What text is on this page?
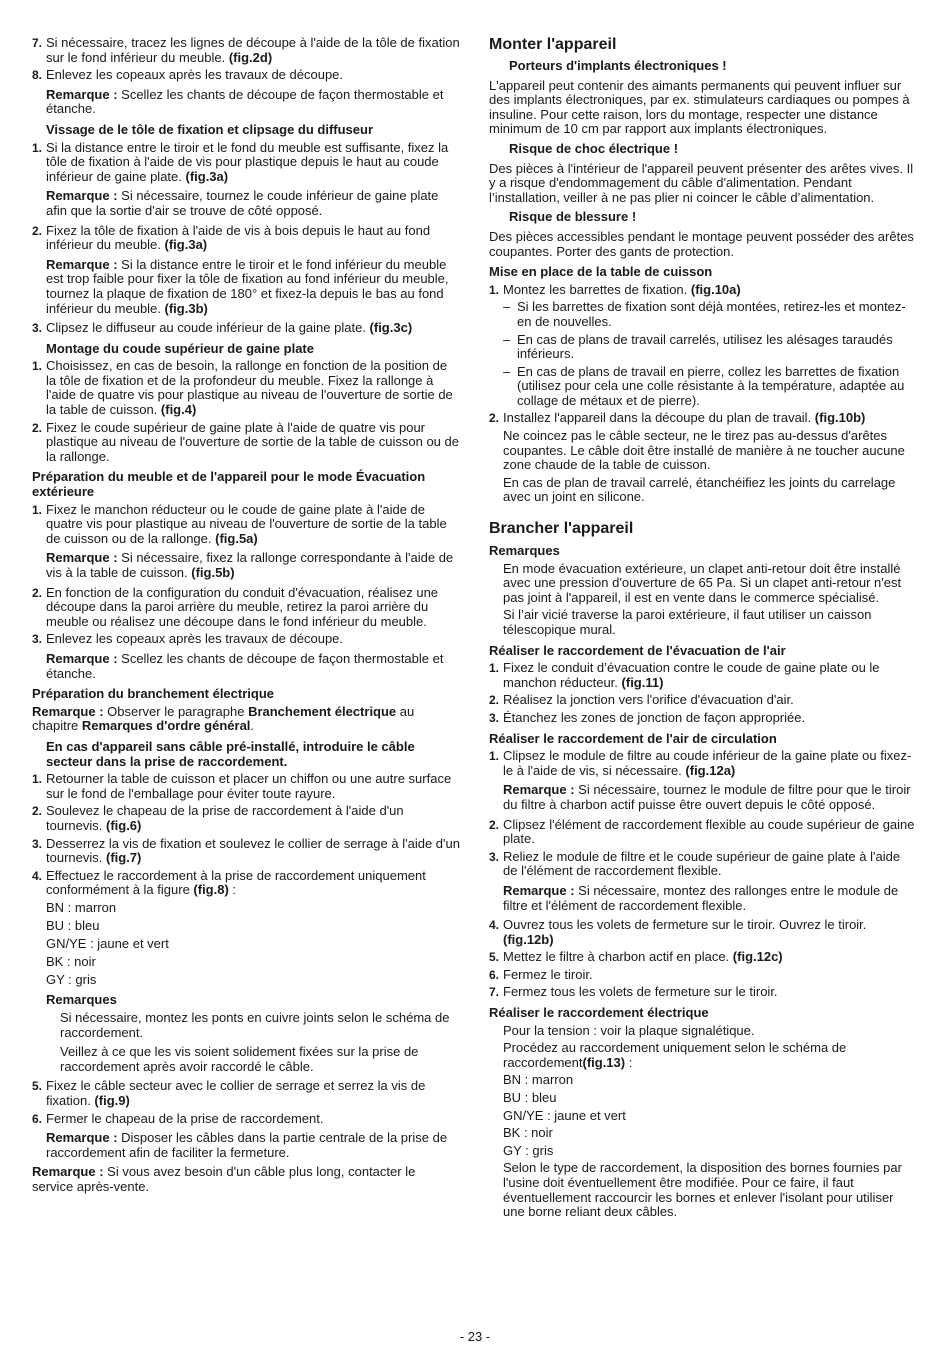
7. Si nécessaire, tracez les lignes de découpe à l'aide de la tôle de fixation sur le fond inférieur du meuble. (fig.2d)
8. Enlevez les copeaux après les travaux de découpe.
Remarque : Scellez les chants de découpe de façon thermostable et étanche.
Vissage de le tôle de fixation et clipsage du diffuseur
1. Si la distance entre le tiroir et le fond du meuble est suffisante, fixez la tôle de fixation à l'aide de vis pour plastique depuis le haut au coude inférieur de gaine plate. (fig.3a)
Remarque : Si nécessaire, tournez le coude inférieur de gaine plate afin que la sortie d'air se trouve de côté opposé.
2. Fixez la tôle de fixation à l'aide de vis à bois depuis le haut au fond inférieur du meuble. (fig.3a)
Remarque : Si la distance entre le tiroir et le fond inférieur du meuble est trop faible pour fixer la tôle de fixation au fond inférieur du meuble, tournez la plaque de fixation de 180° et fixez-la depuis le bas au fond inférieur du meuble. (fig.3b)
3. Clipsez le diffuseur au coude inférieur de la gaine plate. (fig.3c)
Montage du coude supérieur de gaine plate
1. Choisissez, en cas de besoin, la rallonge en fonction de la position de la tôle de fixation et de la profondeur du meuble. Fixez la rallonge à l'aide de quatre vis pour plastique au niveau de l'ouverture de sortie de la table de cuisson. (fig.4)
2. Fixez le coude supérieur de gaine plate à l'aide de quatre vis pour plastique au niveau de l'ouverture de sortie de la table de cuisson ou de la rallonge.
Préparation du meuble et de l'appareil pour le mode Évacuation extérieure
1. Fixez le manchon réducteur ou le coude de gaine plate à l'aide de quatre vis pour plastique au niveau de l'ouverture de sortie de la table de cuisson ou de la rallonge. (fig.5a)
Remarque : Si nécessaire, fixez la rallonge correspondante à l'aide de vis à la table de cuisson. (fig.5b)
2. En fonction de la configuration du conduit d'évacuation, réalisez une découpe dans la paroi arrière du meuble, retirez la paroi arrière du meuble ou réalisez une découpe dans le fond inférieur du meuble.
3. Enlevez les copeaux après les travaux de découpe.
Remarque : Scellez les chants de découpe de façon thermostable et étanche.
Préparation du branchement électrique
Remarque : Observer le paragraphe Branchement électrique au chapitre Remarques d'ordre général.
En cas d'appareil sans câble pré-installé, introduire le câble secteur dans la prise de raccordement.
1. Retourner la table de cuisson et placer un chiffon ou une autre surface sur le fond de l'emballage pour éviter toute rayure.
2. Soulevez le chapeau de la prise de raccordement à l'aide d'un tournevis. (fig.6)
3. Desserrez la vis de fixation et soulevez le collier de serrage à l'aide d'un tournevis. (fig.7)
4. Effectuez le raccordement à la prise de raccordement uniquement conformément à la figure (fig.8) :
BN : marron
BU : bleu
GN/YE : jaune et vert
BK : noir
GY : gris
Remarques
Si nécessaire, montez les ponts en cuivre joints selon le schéma de raccordement.
Veillez à ce que les vis soient solidement fixées sur la prise de raccordement après avoir raccordé le câble.
5. Fixez le câble secteur avec le collier de serrage et serrez la vis de fixation. (fig.9)
6. Fermer le chapeau de la prise de raccordement.
Remarque : Disposer les câbles dans la partie centrale de la prise de raccordement afin de faciliter la fermeture.
Remarque : Si vous avez besoin d'un câble plus long, contacter le service après-vente.
Monter l'appareil
Porteurs d'implants électroniques !
L'appareil peut contenir des aimants permanents qui peuvent influer sur des implants électroniques, par ex. stimulateurs cardiaques ou pompes à insuline. Pour cette raison, lors du montage, respecter une distance minimum de 10 cm par rapport aux implants électroniques.
Risque de choc électrique !
Des pièces à l'intérieur de l'appareil peuvent présenter des arêtes vives. Il y a risque d'endommagement du câble d'alimentation. Pendant l’installation, veiller à ne pas plier ni coincer le câble d’alimentation.
Risque de blessure !
Des pièces accessibles pendant le montage peuvent posséder des arêtes coupantes. Porter des gants de protection.
Mise en place de la table de cuisson
1. Montez les barrettes de fixation. (fig.10a)
– Si les barrettes de fixation sont déjà montées, retirez-les et montez-en de nouvelles.
– En cas de plans de travail carrelés, utilisez les alésages taraudés inférieurs.
– En cas de plans de travail en pierre, collez les barrettes de fixation (utilisez pour cela une colle résistante à la température, adaptée au collage de métaux et de pierre).
2. Installez l'appareil dans la découpe du plan de travail. (fig.10b)
Ne coincez pas le câble secteur, ne le tirez pas au-dessus d'arêtes coupantes. Le câble doit être installé de manière à ne toucher aucune zone chaude de la table de cuisson.
En cas de plan de travail carrelé, étanchéifiez les joints du carrelage avec un joint en silicone.
Brancher l'appareil
Remarques
En mode évacuation extérieure, un clapet anti-retour doit être installé avec une pression d'ouverture de 65 Pa. Si un clapet anti-retour n'est pas joint à l'appareil, il est en vente dans le commerce spécialisé.
Si l’air vicié traverse la paroi extérieure, il faut utiliser un caisson télescopique mural.
Réaliser le raccordement de l'évacuation de l'air
1. Fixez le conduit d’évacuation contre le coude de gaine plate ou le manchon réducteur. (fig.11)
2. Réalisez la jonction vers l'orifice d'évacuation d'air.
3. Étanchez les zones de jonction de façon appropriée.
Réaliser le raccordement de l'air de circulation
1. Clipsez le module de filtre au coude inférieur de la gaine plate ou fixez-le à l'aide de vis, si nécessaire. (fig.12a)
Remarque : Si nécessaire, tournez le module de filtre pour que le tiroir du filtre à charbon actif puisse être ouvert depuis le côté opposé.
2. Clipsez l'élément de raccordement flexible au coude supérieur de gaine plate.
3. Reliez le module de filtre et le coude supérieur de gaine plate à l'aide de l'élément de raccordement flexible.
Remarque : Si nécessaire, montez des rallonges entre le module de filtre et l'élément de raccordement flexible.
4. Ouvrez tous les volets de fermeture sur le tiroir. Ouvrez le tiroir. (fig.12b)
5. Mettez le filtre à charbon actif en place. (fig.12c)
6. Fermez le tiroir.
7. Fermez tous les volets de fermeture sur le tiroir.
Réaliser le raccordement électrique
Pour la tension : voir la plaque signalétique.
Procédez au raccordement uniquement selon le schéma de raccordement(fig.13) :
BN : marron
BU : bleu
GN/YE : jaune et vert
BK : noir
GY : gris
Selon le type de raccordement, la disposition des bornes fournies par l'usine doit éventuellement être modifiée. Pour ce faire, il faut éventuellement raccourcir les bornes et enlever l'isolant pour utiliser une borne reliant deux câbles.
- 23 -
